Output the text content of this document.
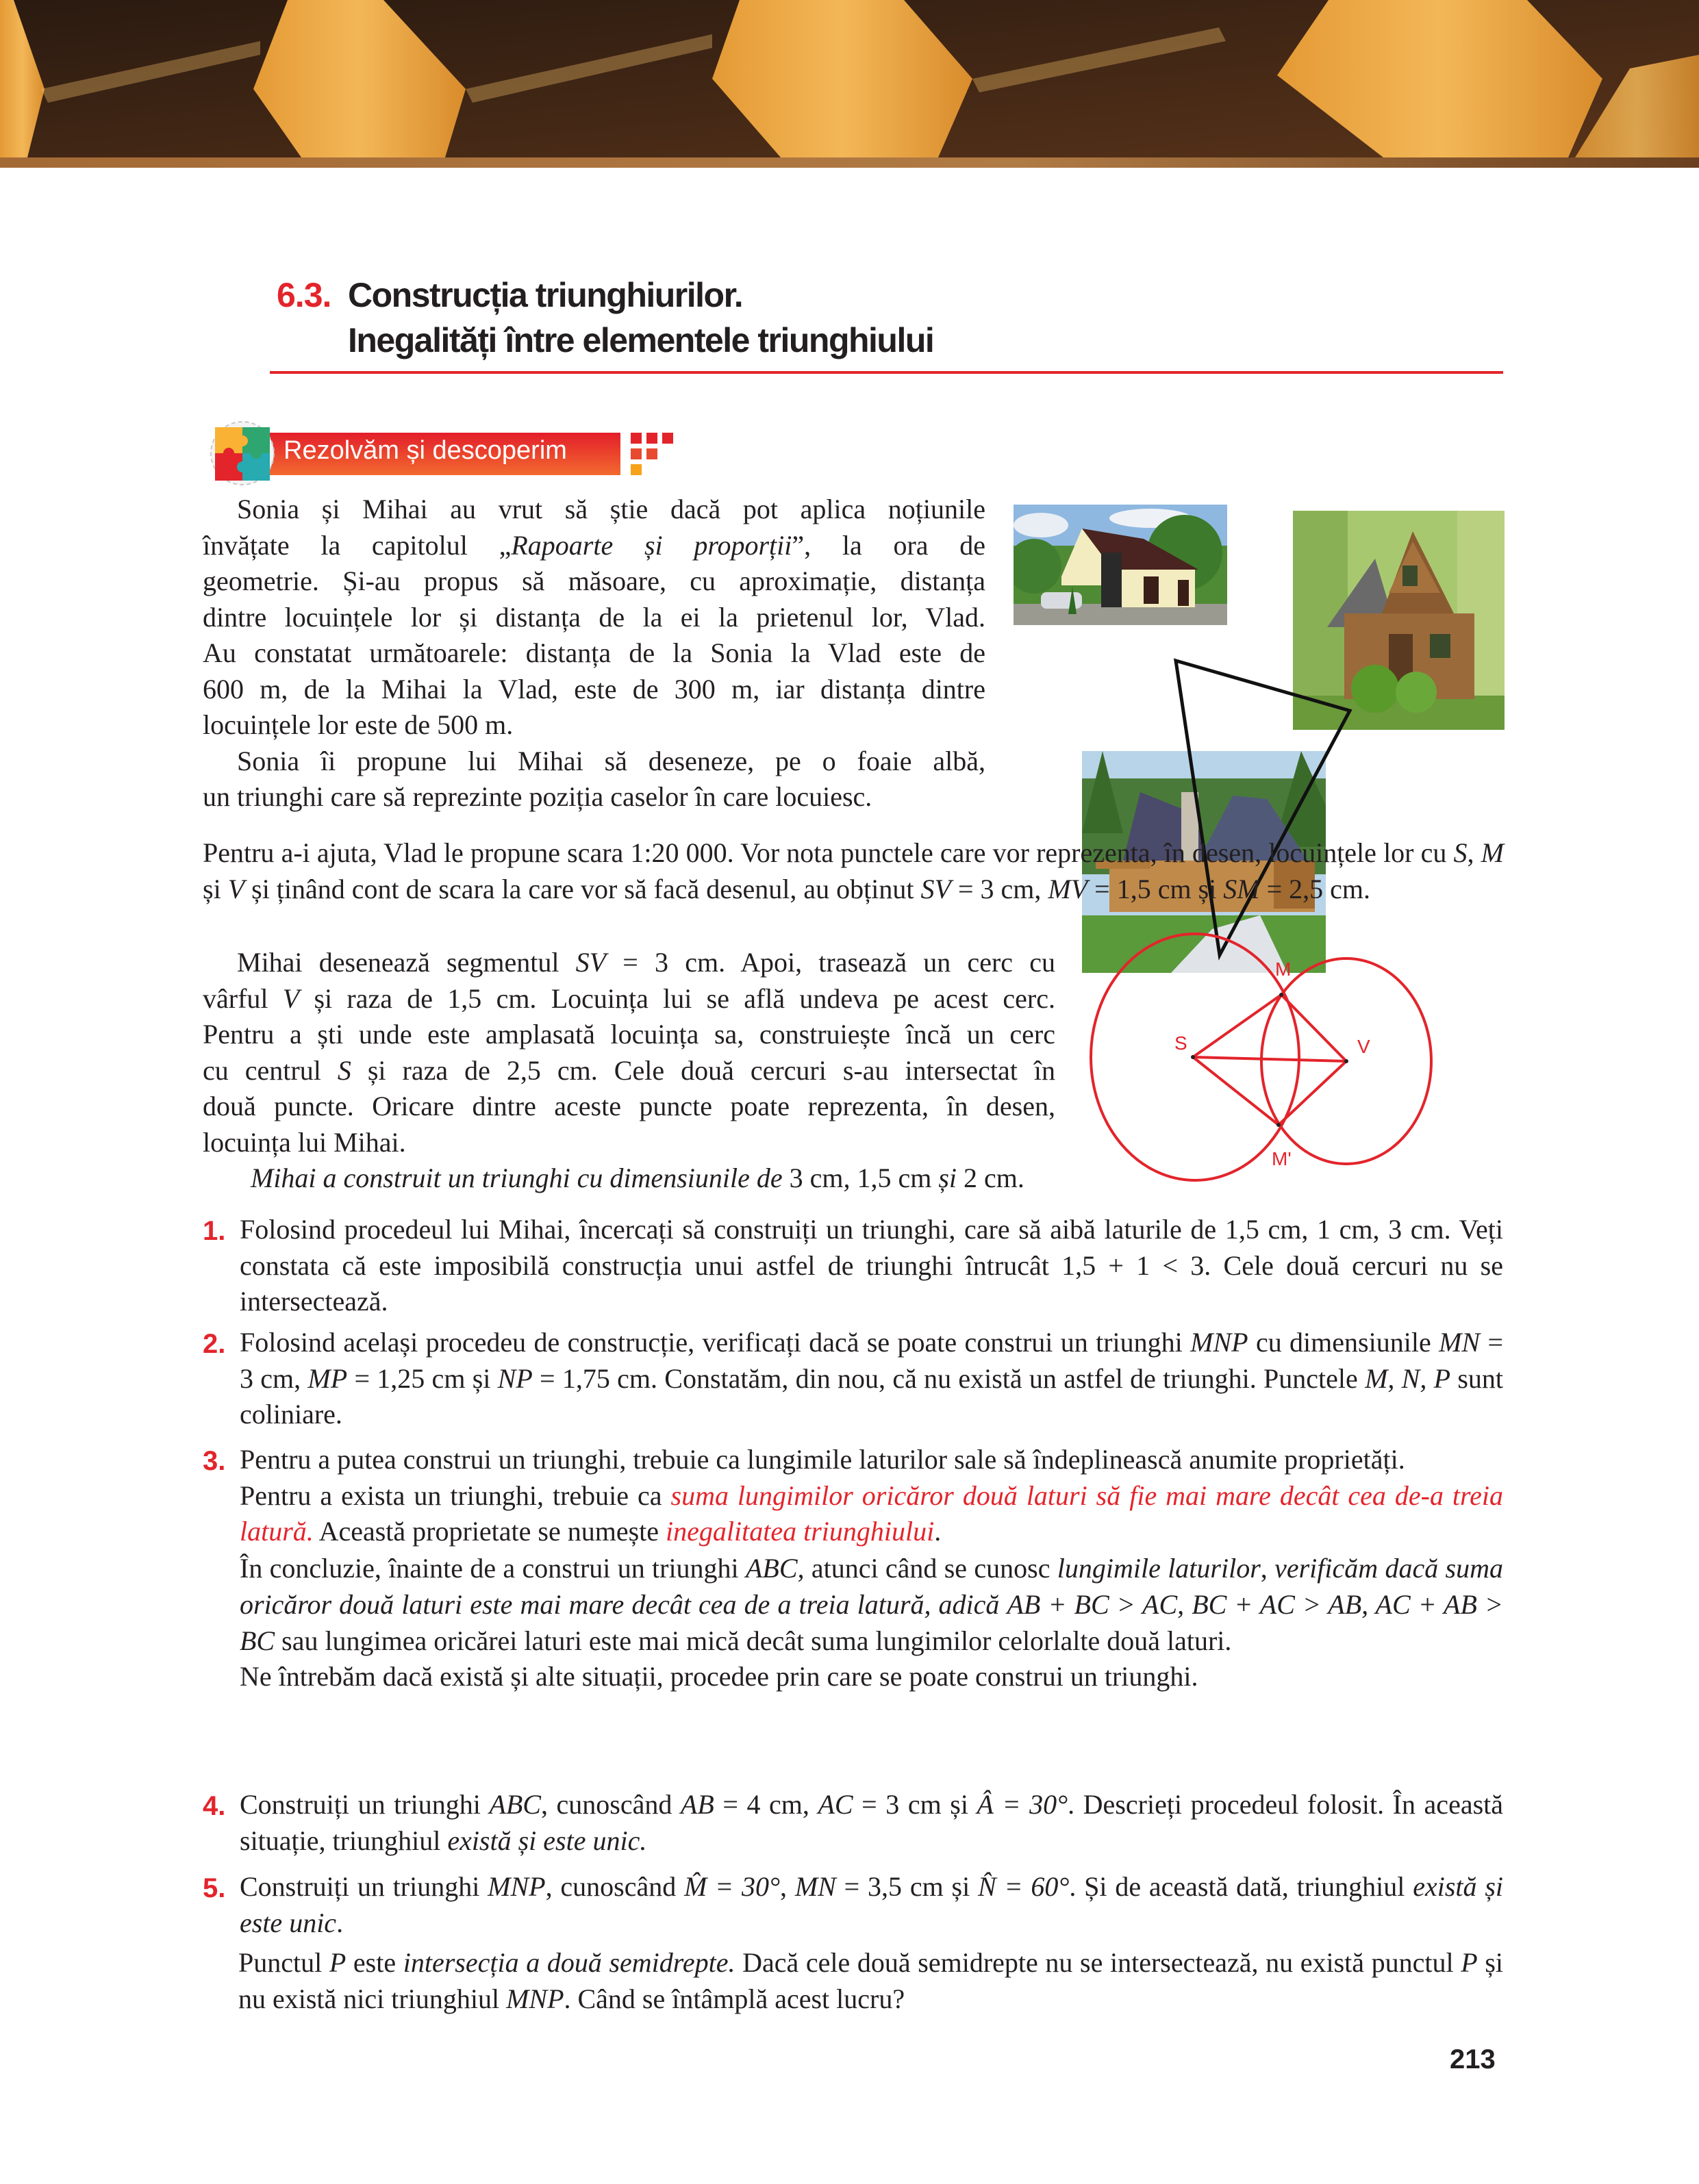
6.3. Construcția triunghiurilor.
Inegalități între elementele triunghiului
Rezolvăm și descoperim

Sonia și Mihai au vrut să știe dacă pot aplica noțiunile

învățate la capitolul „Rapoarte și proporții”, la ora de

geometrie. Și-au propus să măsoare, cu aproximație, distanța

dintre locuințele lor și distanța de la ei la prietenul lor, Vlad.

Au constatat următoarele: distanța de la Sonia la Vlad este de

600 m, de la Mihai la Vlad, este de 300 m, iar distanța dintre

locuințele lor este de 500 m.

Sonia îi propune lui Mihai să deseneze, pe o foaie albă,

un triunghi care să reprezinte poziția caselor în care locuiesc.

Pentru a-i ajuta, Vlad le propune scara 1:20 000. Vor nota punctele care vor reprezenta, în desen, locuințele lor cu S, M și V și ținând cont de scara la care vor să facă desenul, au obținut SV = 3 cm, MV = 1,5 cm și SM = 2,5 cm.

Mihai desenează segmentul SV = 3 cm. Apoi, trasează un cerc cu

vârful V și raza de 1,5 cm. Locuința lui se află undeva pe acest cerc.

Pentru a ști unde este amplasată locuința sa, construiește încă un cerc

cu centrul S și raza de 2,5 cm. Cele două cercuri s-au intersectat în

două puncte. Oricare dintre aceste puncte poate reprezenta, în desen,

locuința lui Mihai.

Mihai a construit un triunghi cu dimensiunile de 3 cm, 1,5 cm și 2 cm.

S	V
M
M'
1. Folosind procedeul lui Mihai, încercați să construiți un triunghi, care să aibă laturile de 1,5 cm, 1 cm, 3 cm. Veți constata că este imposibilă construcția unui astfel de triunghi întrucât 1,5 + 1 < 3. Cele două cercuri nu se intersectează.

2. Folosind același procedeu de construcție, verificați dacă se poate construi un triunghi MNP cu dimensiunile MN = 3 cm, MP = 1,25 cm și NP = 1,75 cm. Constatăm, din nou, că nu există un astfel de triunghi. Punctele M, N, P sunt coliniare.

3. Pentru a putea construi un triunghi, trebuie ca lungimile laturilor sale să îndeplinească anumite proprietăți.

Pentru a exista un triunghi, trebuie ca suma lungimilor oricăror două laturi să fie mai mare decât cea de-a treia latură. Această proprietate se numește inegalitatea triunghiului.

În concluzie, înainte de a construi un triunghi ABC, atunci când se cunosc lungimile laturilor, verificăm dacă suma oricăror două laturi este mai mare decât cea de a treia latură, adică AB + BC > AC, BC + AC > AB, AC + AB > BC sau lungimea oricărei laturi este mai mică decât suma lungimilor celorlalte două laturi.

Ne întrebăm dacă există și alte situații, procedee prin care se poate construi un triunghi.

4. Construiți un triunghi ABC, cunoscând AB = 4 cm, AC = 3 cm și Â = 30°. Descrieți procedeul folosit. În această situație, triunghiul există și este unic.

5. Construiți un triunghi MNP, cunoscând M̂ = 30°, MN = 3,5 cm și N̂ = 60°. Și de această dată, triunghiul există și este unic.

Punctul P este intersecția a două semidrepte. Dacă cele două semidrepte nu se intersectează, nu există punctul P și nu există nici triunghiul MNP. Când se întâmplă acest lucru?

213
